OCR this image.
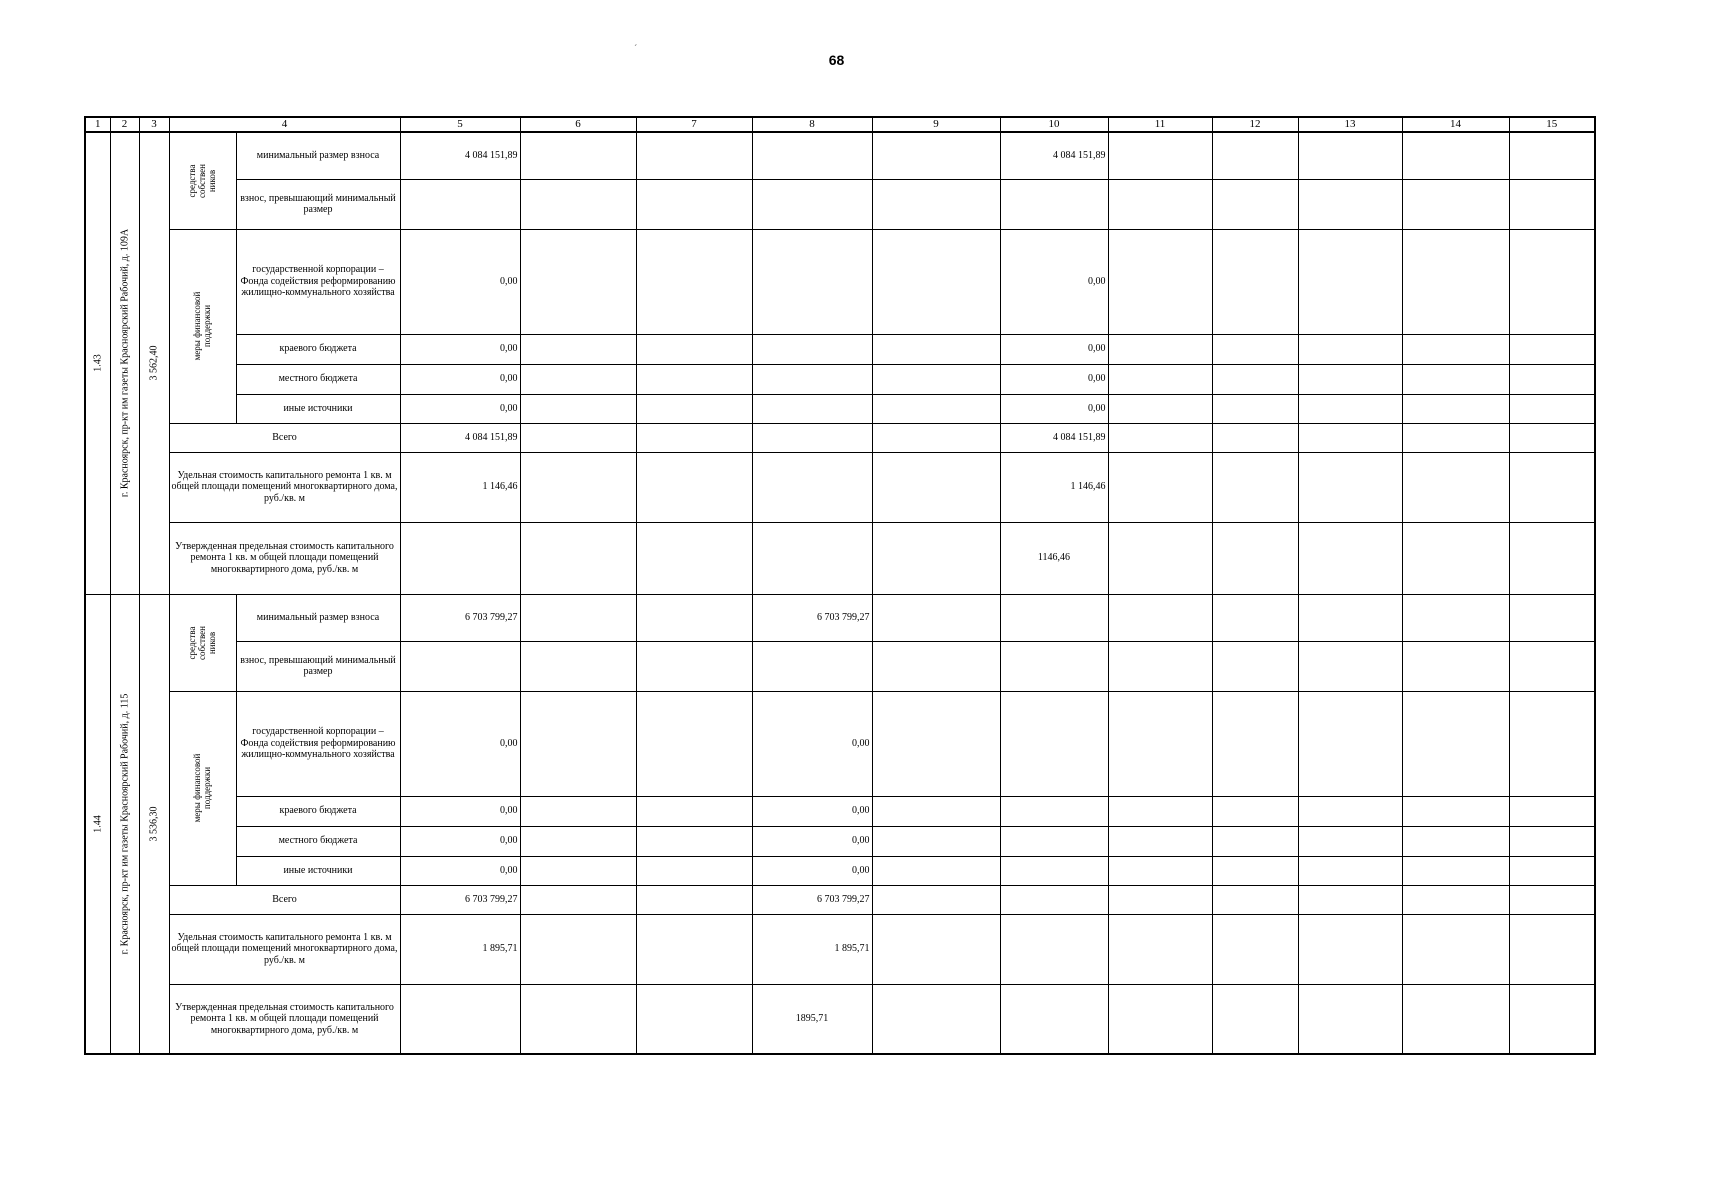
68
´
1	2	3	4		5	6	7	8	9	10	11	12	13	14	15

1.43	г. Красноярск, пр-кт им газеты Красноярский Рабочий, д. 109А	3 562,40	средства собствен ников	минимальный размер взноса	4 084 151,89					4 084 151,89					
				взнос, превышающий минимальный размер											

			меры финансовой поддержки	государственной корпорации – Фонда содействия реформированию жилищно-коммунального хозяйства	0,00					0,00					
				краевого бюджета	0,00					0,00					
				местного бюджета	0,00					0,00					
				иные источники	0,00					0,00					
			Всего		4 084 151,89					4 084 151,89					
			Удельная стоимость капитального ремонта 1 кв. м общей площади помещений многоквартирного дома, руб./кв. м		1 146,46					1 146,46					
			Утвержденная предельная стоимость капитального ремонта 1 кв. м общей площади помещений многоквартирного дома, руб./кв. м							1146,46					

1.44	г. Красноярск, пр-кт им газеты Красноярский Рабочий, д. 115	3 536,30	средства собствен ников	минимальный размер взноса	6 703 799,27			6 703 799,27							
				взнос, превышающий минимальный размер											

			меры финансовой поддержки	государственной корпорации – Фонда содействия реформированию жилищно-коммунального хозяйства	0,00			0,00							
				краевого бюджета	0,00			0,00							
				местного бюджета	0,00			0,00							
				иные источники	0,00			0,00							
			Всего		6 703 799,27			6 703 799,27							
			Удельная стоимость капитального ремонта 1 кв. м общей площади помещений многоквартирного дома, руб./кв. м		1 895,71			1 895,71							
			Утвержденная предельная стоимость капитального ремонта 1 кв. м общей площади помещений многоквартирного дома, руб./кв. м					1895,71							
